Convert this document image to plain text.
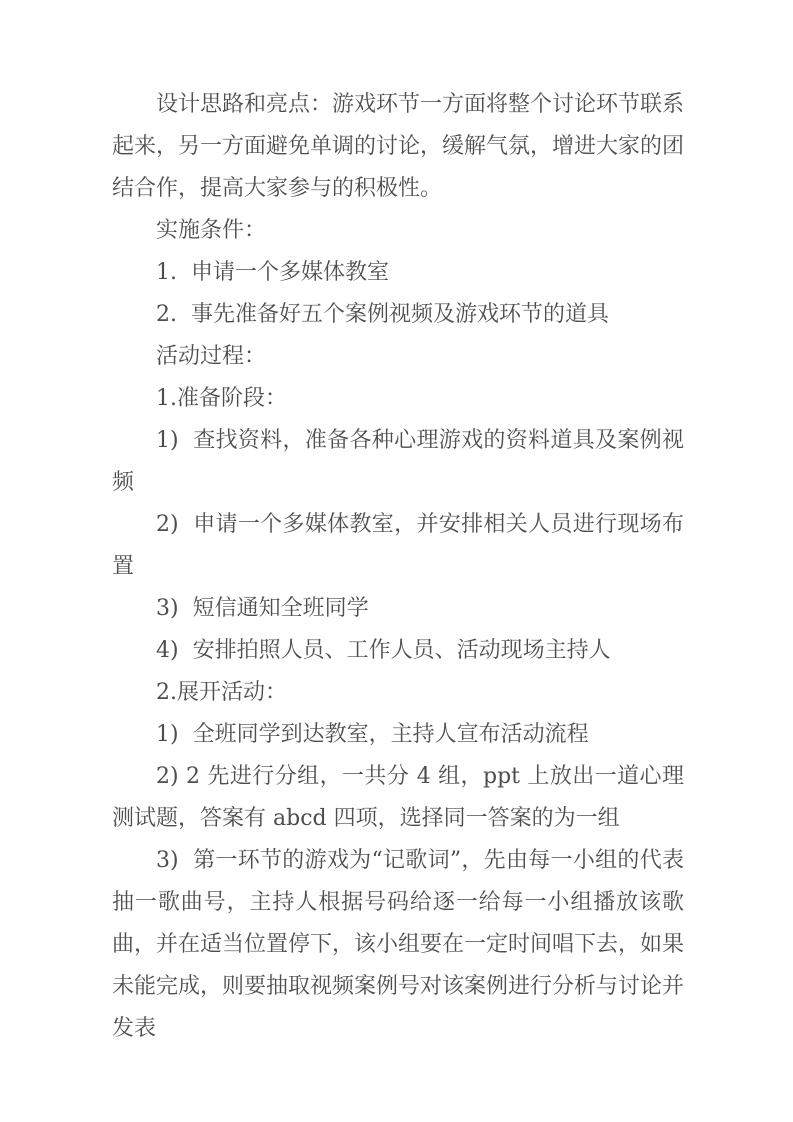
设计思路和亮点：游戏环节一方面将整个讨论环节联系起来，另一方面避免单调的讨论，缓解气氛，增进大家的团结合作，提高大家参与的积极性。

实施条件：

1.  申请一个多媒体教室

2.  事先准备好五个案例视频及游戏环节的道具

活动过程：

1.准备阶段：

1)  查找资料，准备各种心理游戏的资料道具及案例视频

2)  申请一个多媒体教室，并安排相关人员进行现场布置

3)  短信通知全班同学

4)  安排拍照人员、工作人员、活动现场主持人

2.展开活动：

1)  全班同学到达教室，主持人宣布活动流程

2) 2 先进行分组，一共分 4 组，ppt 上放出一道心理测试题，答案有 abcd 四项，选择同一答案的为一组

3)  第一环节的游戏为“记歌词”，先由每一小组的代表抽一歌曲号，主持人根据号码给逐一给每一小组播放该歌曲，并在适当位置停下，该小组要在一定时间唱下去，如果未能完成，则要抽取视频案例号对该案例进行分析与讨论并发表
